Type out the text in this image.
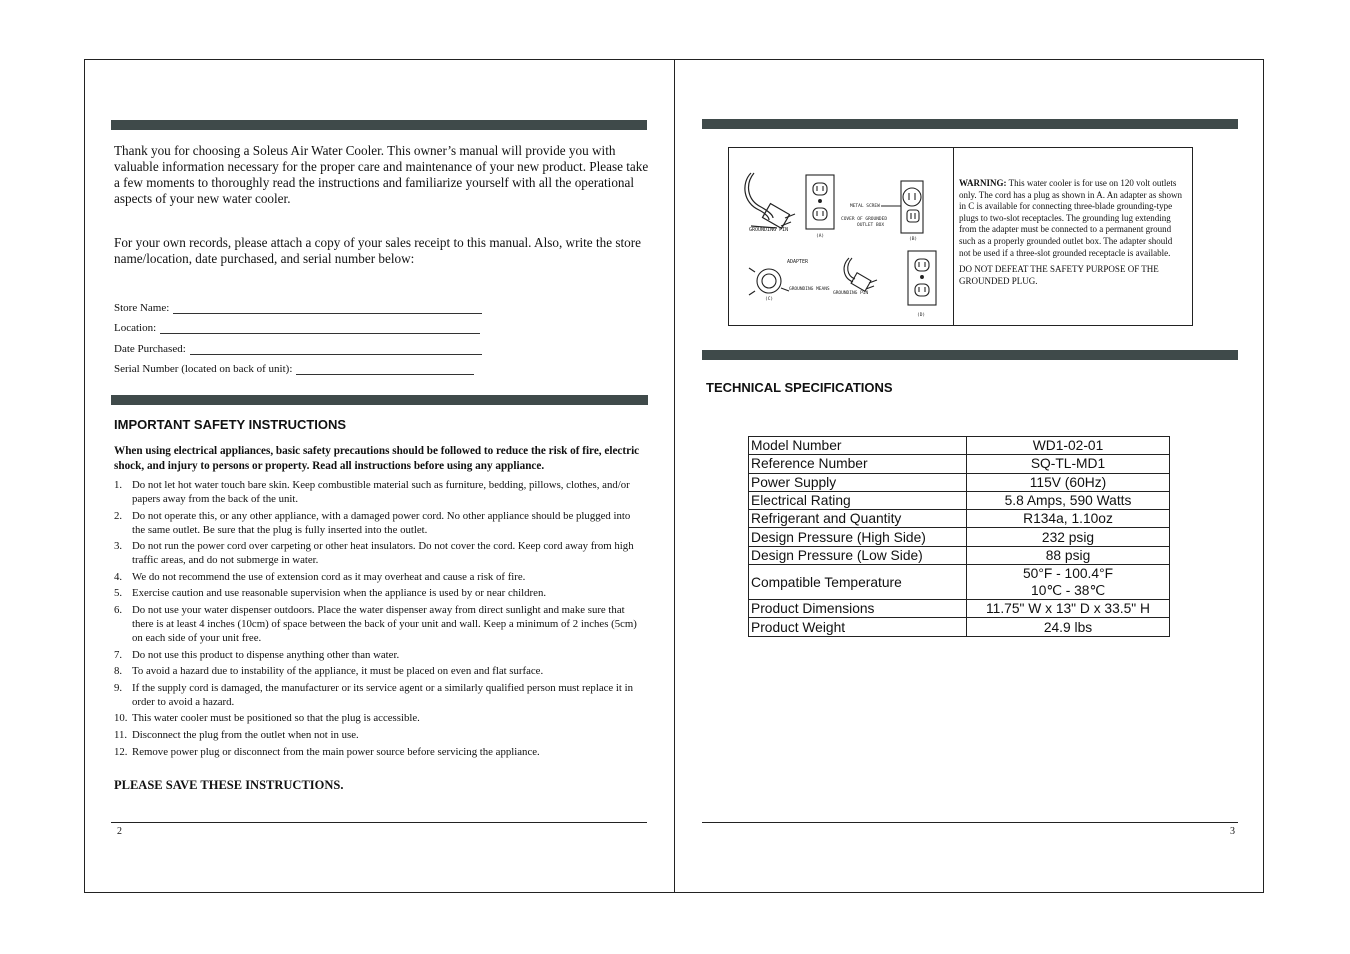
Thank you for choosing a Soleus Air Water Cooler. This owner’s manual will provide you with valuable information necessary for the proper care and maintenance of your new product. Please take a few moments to thoroughly read the instructions and familiarize yourself with all the operational aspects of your new water cooler.

For your own records, please attach a copy of your sales receipt to this manual. Also, write the store name/location, date purchased, and serial number below:

Store Name:
Location:
Date Purchased:
Serial Number (located on back of unit):
IMPORTANT SAFETY INSTRUCTIONS

When using electrical appliances, basic safety precautions should be followed to reduce the risk of fire, electric shock, and injury to persons or property. Read all instructions before using any appliance.

1. Do not let hot water touch bare skin. Keep combustible material such as furniture, bedding, pillows, clothes, and/or papers away from the back of the unit.
2. Do not operate this, or any other appliance, with a damaged power cord. No other appliance should be plugged into the same outlet. Be sure that the plug is fully inserted into the outlet.
3. Do not run the power cord over carpeting or other heat insulators. Do not cover the cord. Keep cord away from high traffic areas, and do not submerge in water.
4. We do not recommend the use of extension cord as it may overheat and cause a risk of fire.
5. Exercise caution and use reasonable supervision when the appliance is used by or near children.
6. Do not use your water dispenser outdoors. Place the water dispenser away from direct sunlight and make sure that there is at least 4 inches (10cm) of space between the back of your unit and wall. Keep a minimum of 2 inches (5cm) on each side of your unit free.
7. Do not use this product to dispense anything other than water.
8. To avoid a hazard due to instability of the appliance, it must be placed on even and flat surface.
9. If the supply cord is damaged, the manufacturer or its service agent or a similarly qualified person must replace it in order to avoid a hazard.
10. This water cooler must be positioned so that the plug is accessible.
11. Disconnect the plug from the outlet when not in use.
12. Remove power plug or disconnect from the main power source before servicing the appliance.

PLEASE SAVE THESE INSTRUCTIONS.

2
GROUNDING PIN
(A)
METAL SCREW
COVER OF GROUNDED
OUTLET BOX
(B)
ADAPTER
GROUNDING MEANS
(C)
GROUNDING PIN
(D)

WARNING: This water cooler is for use on 120 volt outlets only. The cord has a plug as shown in A. An adapter as shown in C is available for connecting three-blade grounding-type plugs to two-slot receptacles. The grounding lug extending from the adapter must be connected to a permanent ground such as a properly grounded outlet box. The adapter should not be used if a three-slot grounded receptacle is available.

DO NOT DEFEAT THE SAFETY PURPOSE OF THE GROUNDED PLUG.

TECHNICAL SPECIFICATIONS
Model Number	WD1-02-01
Reference Number	SQ-TL-MD1
Power Supply	115V (60Hz)
Electrical Rating	5.8 Amps, 590 Watts
Refrigerant and Quantity	R134a, 1.10oz
Design Pressure (High Side)	232 psig
Design Pressure (Low Side)	88 psig
Compatible Temperature	50°F - 100.4°F
10℃ - 38℃

Product Dimensions	11.75" W x 13" D x 33.5" H
Product Weight	24.9 lbs
3
